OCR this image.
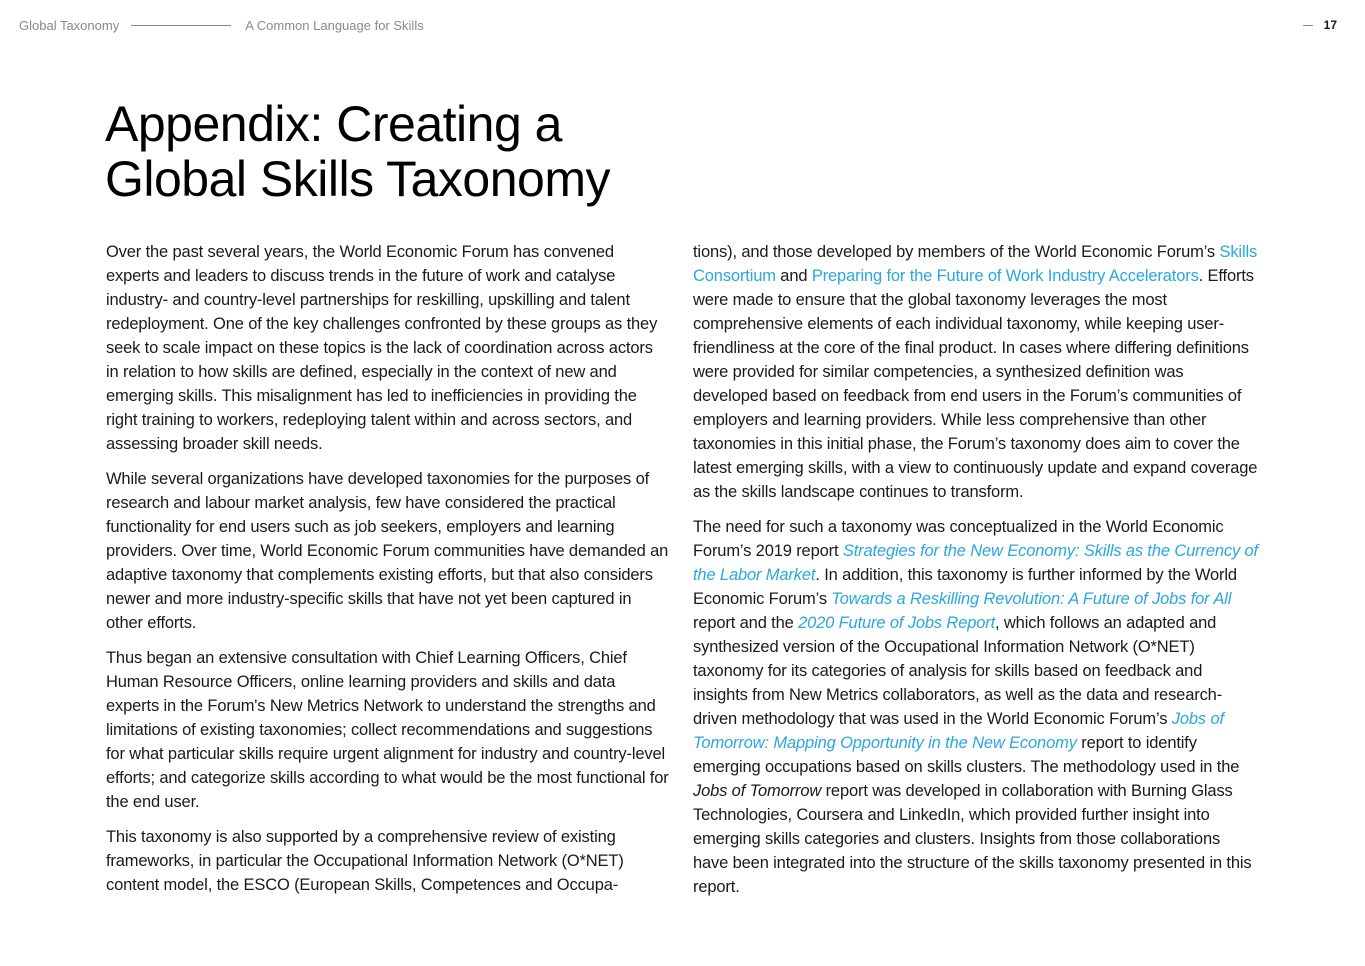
Global Taxonomy	A Common Language for Skills	17
Appendix: Creating a
Global Skills Taxonomy

Over the past several years, the World Economic Forum has convened experts and leaders to discuss trends in the future of work and catalyse industry- and country-level partnerships for reskilling, upskilling and talent redeployment. One of the key challenges confronted by these groups as they seek to scale impact on these topics is the lack of coordination across actors in relation to how skills are defined, especially in the context of new and emerging skills. This misalignment has led to inefficiencies in providing the right training to workers, redeploying talent within and across sectors, and assessing broader skill needs.

While several organizations have developed taxonomies for the purposes of research and labour market analysis, few have considered the practical functionality for end users such as job seekers, employers and learning providers. Over time, World Economic Forum communities have demanded an adaptive taxonomy that complements existing efforts, but that also considers newer and more industry-specific skills that have not yet been captured in other efforts.

Thus began an extensive consultation with Chief Learning Officers, Chief Human Resource Officers, online learning providers and skills and data experts in the Forum's New Metrics Network to understand the strengths and limitations of existing taxonomies; collect recommendations and suggestions for what particular skills require urgent alignment for industry and country-level efforts; and categorize skills according to what would be the most functional for the end user.

This taxonomy is also supported by a comprehensive review of existing frameworks, in particular the Occupational Information Network (O*NET) content model, the ESCO (European Skills, Competences and Occupa-

tions), and those developed by members of the World Economic Forum’s Skills Consortium and Preparing for the Future of Work Industry Accelerators. Efforts were made to ensure that the global taxonomy leverages the most comprehensive elements of each individual taxonomy, while keeping user-friendliness at the core of the final product. In cases where differing definitions were provided for similar competencies, a synthesized definition was developed based on feedback from end users in the Forum’s communities of employers and learning providers. While less comprehensive than other taxonomies in this initial phase, the Forum’s taxonomy does aim to cover the latest emerging skills, with a view to continuously update and expand coverage as the skills landscape continues to transform.

The need for such a taxonomy was conceptualized in the World Economic Forum’s 2019 report Strategies for the New Economy: Skills as the Currency of the Labor Market. In addition, this taxonomy is further informed by the World Economic Forum’s Towards a Reskilling Revolution: A Future of Jobs for All report and the 2020 Future of Jobs Report, which follows an adapted and synthesized version of the Occupational Information Network (O*NET) taxonomy for its categories of analysis for skills based on feedback and insights from New Metrics collaborators, as well as the data and research-driven methodology that was used in the World Economic Forum’s Jobs of Tomorrow: Mapping Opportunity in the New Economy report to identify emerging occupations based on skills clusters. The methodology used in the Jobs of Tomorrow report was developed in collaboration with Burning Glass Technologies, Coursera and LinkedIn, which provided further insight into emerging skills categories and clusters. Insights from those collaborations have been integrated into the structure of the skills taxonomy presented in this report.
